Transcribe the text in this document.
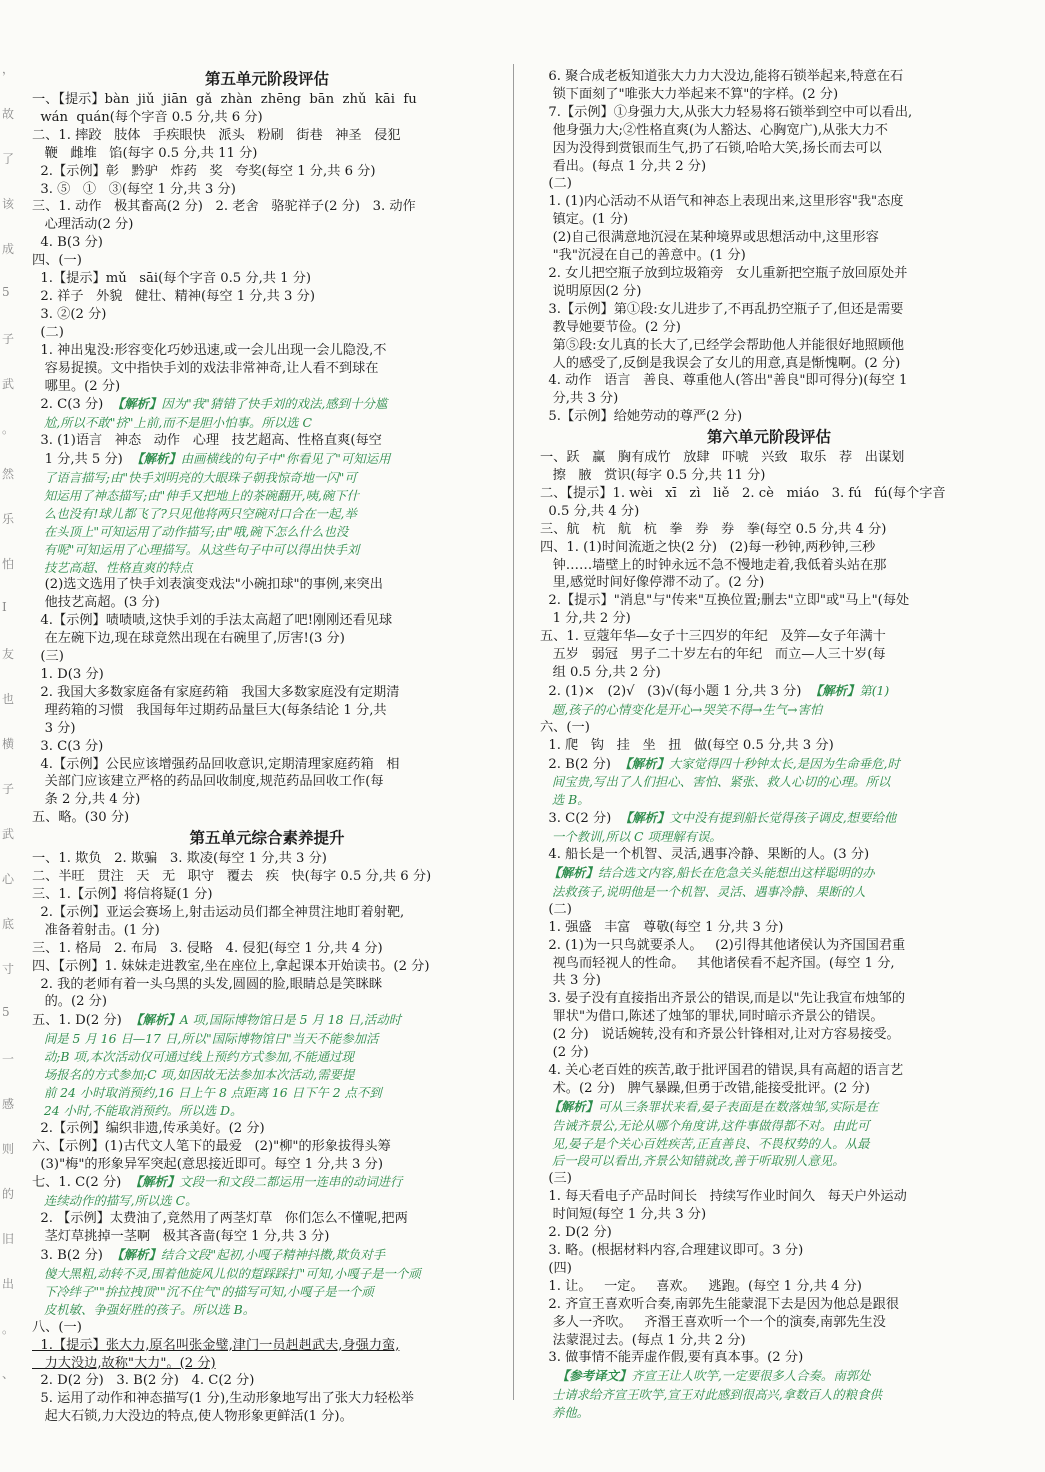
，
故
了
该
成
5
子
武
。
然
乐
怕
I
友
也
横
子
武
心
底
寸
5
一
感
则
的
旧
出
。
、
第五单元阶段评估
一、【提示】bàn  jiǔ  jiān  gǎ  zhàn  zhēng  bān  zhǔ  kāi  fu
wán  quán(每个字音 0.5 分,共 6 分)
二、1. 摔跤   肢体   手疾眼快   派头   粉刷   街巷   神圣   侵犯
鞭   雌堆   馅(每字 0.5 分,共 11 分)
2.【示例】彰   黔驴   炸药   奖   夸奖(每空 1 分,共 6 分)
3. ⑤   ①   ③(每空 1 分,共 3 分)
三、1. 动作   极其畜高(2 分)   2. 老舍   骆驼祥子(2 分)   3. 动作
心理活动(2 分)
4. B(3 分)
四、(一)
1.【提示】mǔ   sāi(每个字音 0.5 分,共 1 分)
2. 祥子   外貌   健壮、精神(每空 1 分,共 3 分)
3. ②(2 分)
(二)
1. 神出鬼没:形容变化巧妙迅速,或一会儿出现一会儿隐没,不
容易捉摸。文中指快手刘的戏法非常神奇,让人看不到球在
哪里。(2 分)
2. C(3 分)  【解析】因为"我"猜错了快手刘的戏法,感到十分尴
尬,所以不敢"挤"上前,而不是胆小怕事。所以选 C
3. (1)语言   神态   动作   心理   技艺超高、性格直爽(每空
1 分,共 5 分)  【解析】由画横线的句子中"你看见了"可知运用
了语言描写;由"快手刘明亮的大眼珠子朝我惊奇地一闪"可
知运用了神态描写;由"伸手又把地上的茶碗翻开,咦,碗下什
么也没有!球儿都飞了?只见他将两只空碗对口合在一起,举
在头顶上"可知运用了动作描写;由"哦,碗下怎么什么也没
有呢"可知运用了心理描写。从这些句子中可以得出快手刘
技艺高超、性格直爽的特点
(2)选文选用了快手刘表演变戏法"小碗扣球"的事例,来突出
他技艺高超。(3 分)
4.【示例】啧啧啧,这快手刘的手法太高超了吧!刚刚还看见球
在左碗下边,现在球竟然出现在右碗里了,厉害!(3 分)
(三)
1. D(3 分)
2. 我国大多数家庭备有家庭药箱   我国大多数家庭没有定期清
理药箱的习惯   我国每年过期药品量巨大(每条结论 1 分,共
3 分)
3. C(3 分)
4.【示例】公民应该增强药品回收意识,定期清理家庭药箱   相
关部门应该建立严格的药品回收制度,规范药品回收工作(每
条 2 分,共 4 分)
五、略。(30 分)
第五单元综合素养提升
一、1. 欺负   2. 欺骗   3. 欺凌(每空 1 分,共 3 分)
二、半旺   贯注   天   无   职守   覆去   疾   快(每字 0.5 分,共 6 分)
三、1.【示例】将信将疑(1 分)
2.【示例】亚运会赛场上,射击运动员们都全神贯注地盯着射靶,
准备着射击。(1 分)
三、1. 格局   2. 布局   3. 侵略   4. 侵犯(每空 1 分,共 4 分)
四、【示例】1. 妹妹走进教室,坐在座位上,拿起课本开始读书。(2 分)
2. 我的老师有着一头乌黑的头发,圆圆的脸,眼睛总是笑眯眯
的。(2 分)
五、1. D(2 分)  【解析】A 项,国际博物馆日是 5 月 18 日,活动时
间是 5 月 16 日—17 日,所以"国际博物馆日"当天不能参加活
动;B 项,本次活动仅可通过线上预约方式参加,不能通过现
场报名的方式参加;C 项,如因故无法参加本次活动,需要提
前 24 小时取消预约,16 日上午 8 点距离 16 日下午 2 点不到
24 小时,不能取消预约。所以选 D。
2.【示例】编织非遗,传承美好。(2 分)
六、【示例】(1)古代文人笔下的最爱   (2)"柳"的形象拔得头筹
(3)"梅"的形象异军突起(意思接近即可。每空 1 分,共 3 分)
七、1. C(2 分)  【解析】文段一和文段二都运用一连串的动词进行
连续动作的描写,所以选 C。
2. 【示例】太费油了,竟然用了两茎灯草   你们怎么不懂呢,把两
茎灯草挑掉一茎啊   极其吝啬(每空 1 分,共 3 分)
3. B(2 分)  【解析】结合文段"起初,小嘎子精神抖擞,欺负对手
傻大黑粗,动转不灵,围着他旋风儿似的踅踩踩打"可知,小嘎子是一个顽
下冷绊子""拚拉拽顶""沉不住气"的描写可知,小嘎子是一个顽
皮机敏、争强好胜的孩子。所以选 B。
八、(一)
1.【提示】张大力,原名叫张金璧,津门一员赳赳武夫,身强力蛮,
力大没边,故称"大力"。(2 分)
2. D(2 分)   3. B(2 分)   4. C(2 分)
5. 运用了动作和神态描写(1 分),生动形象地写出了张大力轻松举
起大石锁,力大没边的特点,使人物形象更鲜活(1 分)。
6. 聚合成老板知道张大力力大没边,能将石锁举起来,特意在石
锁下面刻了"唯张大力举起来不算"的字样。(2 分)
7.【示例】①身强力大,从张大力轻易将石锁举到空中可以看出,
他身强力大;②性格直爽(为人豁达、心胸宽广),从张大力不
因为没得到赏银而生气,扔了石锁,哈哈大笑,扬长而去可以
看出。(每点 1 分,共 2 分)
(二)
1. (1)内心活动不从语气和神态上表现出来,这里形容"我"态度
镇定。(1 分)
(2)自己很满意地沉浸在某种境界或思想活动中,这里形容
"我"沉浸在自己的善意中。(1 分)
2. 女儿把空瓶子放到垃圾箱旁   女儿重新把空瓶子放回原处并
说明原因(2 分)
3.【示例】第①段:女儿进步了,不再乱扔空瓶子了,但还是需要
教导她要节俭。(2 分)
第⑤段:女儿真的长大了,已经学会帮助他人并能很好地照顾他
人的感受了,反倒是我误会了女儿的用意,真是惭愧啊。(2 分)
4. 动作   语言   善良、尊重他人(答出"善良"即可得分)(每空 1
分,共 3 分)
5.【示例】给她劳动的尊严(2 分)
第六单元阶段评估
一、跃   赢   胸有成竹   放肆   吓唬   兴致   取乐   荐   出谋划
擦   腋   赏识(每字 0.5 分,共 11 分)
二、【提示】1. wèi   xī   zì   liě   2. cè   miáo   3. fú   fú(每个字音
0.5 分,共 4 分)
三、航   杭   航   杭   拳   券   券   拳(每空 0.5 分,共 4 分)
四、1. (1)时间流逝之快(2 分)   (2)每一秒钟,两秒钟,三秒
钟……墙壁上的时钟永远不急不慢地走着,我低着头站在那
里,感觉时间好像停滞不动了。(2 分)
2.【提示】"消息"与"传来"互换位置;删去"立即"或"马上"(每处
1 分,共 2 分)
五、1. 豆蔻年华—女子十三四岁的年纪   及笄—女子年满十
五岁   弱冠   男子二十岁左右的年纪   而立—人三十岁(每
组 0.5 分,共 2 分)
2. (1)×   (2)√   (3)√(每小题 1 分,共 3 分)  【解析】第(1)
题,孩子的心情变化是开心→哭笑不得→生气→害怕
六、(一)
1. 爬   钩   挂   坐   扭   做(每空 0.5 分,共 3 分)
2. B(2 分)  【解析】大家觉得四十秒钟太长,是因为生命垂危,时
间宝贵,写出了人们担心、害怕、紧张、救人心切的心理。所以
选 B。
3. C(2 分)  【解析】文中没有提到船长觉得孩子调皮,想要给他
一个教训,所以 C 项理解有误。
4. 船长是一个机智、灵活,遇事冷静、果断的人。(3 分)
【解析】结合选文内容,船长在危急关头能想出这样聪明的办
法救孩子,说明他是一个机智、灵活、遇事冷静、果断的人
(二)
1. 强盛   丰富   尊敬(每空 1 分,共 3 分)
2. (1)为一只鸟就要杀人。   (2)引得其他诸侯认为齐国国君重
视鸟而轻视人的性命。   其他诸侯看不起齐国。(每空 1 分,
共 3 分)
3. 晏子没有直接指出齐景公的错误,而是以"先让我宣布烛邹的
罪状"为借口,陈述了烛邹的罪状,同时暗示齐景公的错误。
(2 分)   说话婉转,没有和齐景公针锋相对,让对方容易接受。
(2 分)
4. 关心老百姓的疾苦,敢于批评国君的错误,具有高超的语言艺
术。(2 分)   脾气暴躁,但勇于改错,能接受批评。(2 分)
【解析】可从三条罪状来看,晏子表面是在数落烛邹,实际是在
告诫齐景公,无论从哪个角度讲,这件事做得都不对。由此可
见,晏子是个关心百姓疾苦,正直善良、不畏权势的人。从最
后一段可以看出,齐景公知错就改,善于听取别人意见。
(三)
1. 每天看电子产品时间长   持续写作业时间久   每天户外运动
时间短(每空 1 分,共 3 分)
2. D(2 分)
3. 略。(根据材料内容,合理建议即可。3 分)
(四)
1. 让。   一定。   喜欢。   逃跑。(每空 1 分,共 4 分)
2. 齐宣王喜欢听合奏,南郭先生能蒙混下去是因为他总是跟很
多人一齐吹。   齐湣王喜欢听一个一个的演奏,南郭先生没
法蒙混过去。(每点 1 分,共 2 分)
3. 做事情不能弄虚作假,要有真本事。(2 分)
【参考译文】齐宣王让人吹竽,一定要很多人合奏。南郭处
士请求给齐宣王吹竽,宣王对此感到很高兴,拿数百人的粮食供
养他。
